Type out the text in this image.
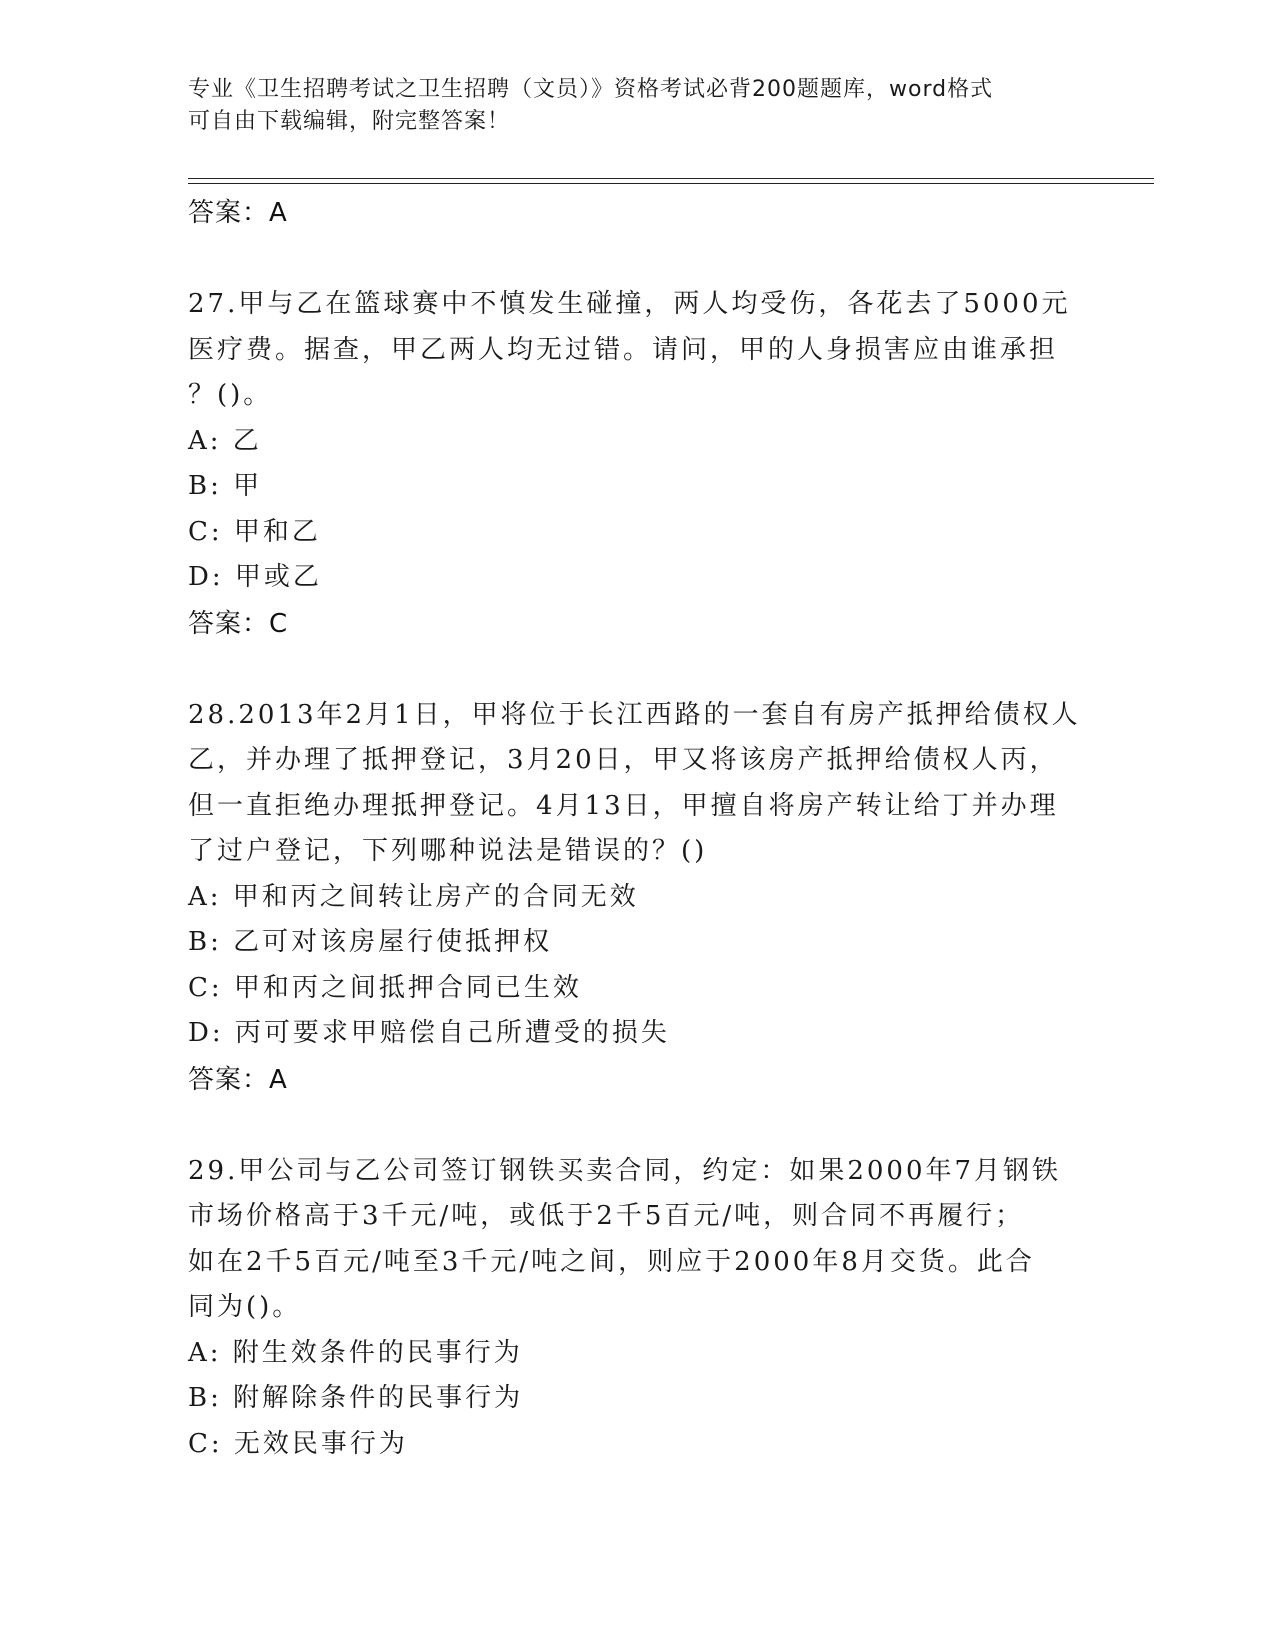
专业《卫生招聘考试之卫生招聘（文员）》资格考试必背200题题库，word格式
可自由下载编辑，附完整答案！
答案：A
27.甲与乙在篮球赛中不慎发生碰撞，两人均受伤，各花去了5000元
医疗费。据查，甲乙两人均无过错。请问，甲的人身损害应由谁承担
？()。
A: 乙
B: 甲
C: 甲和乙
D: 甲或乙
答案：C
28.2013年2月1日，甲将位于长江西路的一套自有房产抵押给债权人
乙，并办理了抵押登记，3月20日，甲又将该房产抵押给债权人丙，
但一直拒绝办理抵押登记。4月13日，甲擅自将房产转让给丁并办理
了过户登记，下列哪种说法是错误的？()
A: 甲和丙之间转让房产的合同无效
B: 乙可对该房屋行使抵押权
C: 甲和丙之间抵押合同已生效
D: 丙可要求甲赔偿自己所遭受的损失
答案：A
29.甲公司与乙公司签订钢铁买卖合同，约定：如果2000年7月钢铁
市场价格高于3千元/吨，或低于2千5百元/吨，则合同不再履行；
如在2千5百元/吨至3千元/吨之间，则应于2000年8月交货。此合
同为()。
A: 附生效条件的民事行为
B: 附解除条件的民事行为
C: 无效民事行为
